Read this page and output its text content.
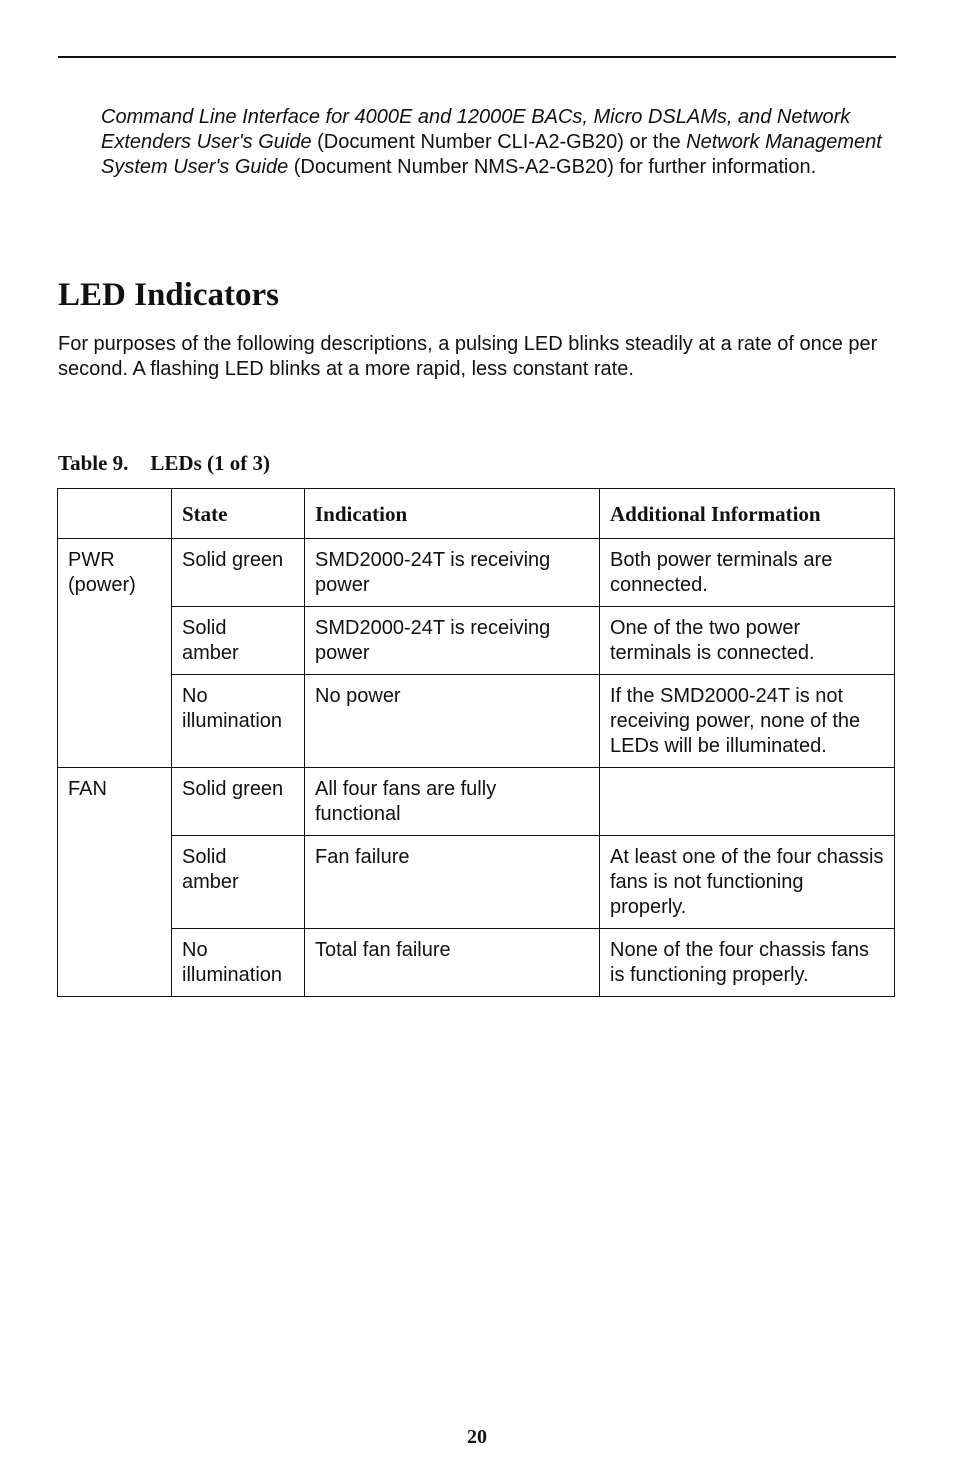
Command Line Interface for 4000E and 12000E BACs, Micro DSLAMs, and Network Extenders User's Guide (Document Number CLI-A2-GB20) or the Network Management System User's Guide (Document Number NMS-A2-GB20) for further information.

LED Indicators

For purposes of the following descriptions, a pulsing LED blinks steadily at a rate of once per second. A flashing LED blinks at a more rapid, less constant rate.

Table 9. LEDs (1 of 3)

	State	Indication	Additional Information
PWR (power)	Solid green	SMD2000-24T is receiving power	Both power terminals are connected.
	Solid amber	SMD2000-24T is receiving power	One of the two power terminals is connected.
	No illumination	No power	If the SMD2000-24T is not receiving power, none of the LEDs will be illuminated.
FAN	Solid green	All four fans are fully functional	
	Solid amber	Fan failure	At least one of the four chassis fans is not functioning properly.
	No illumination	Total fan failure	None of the four chassis fans is functioning properly.
20
